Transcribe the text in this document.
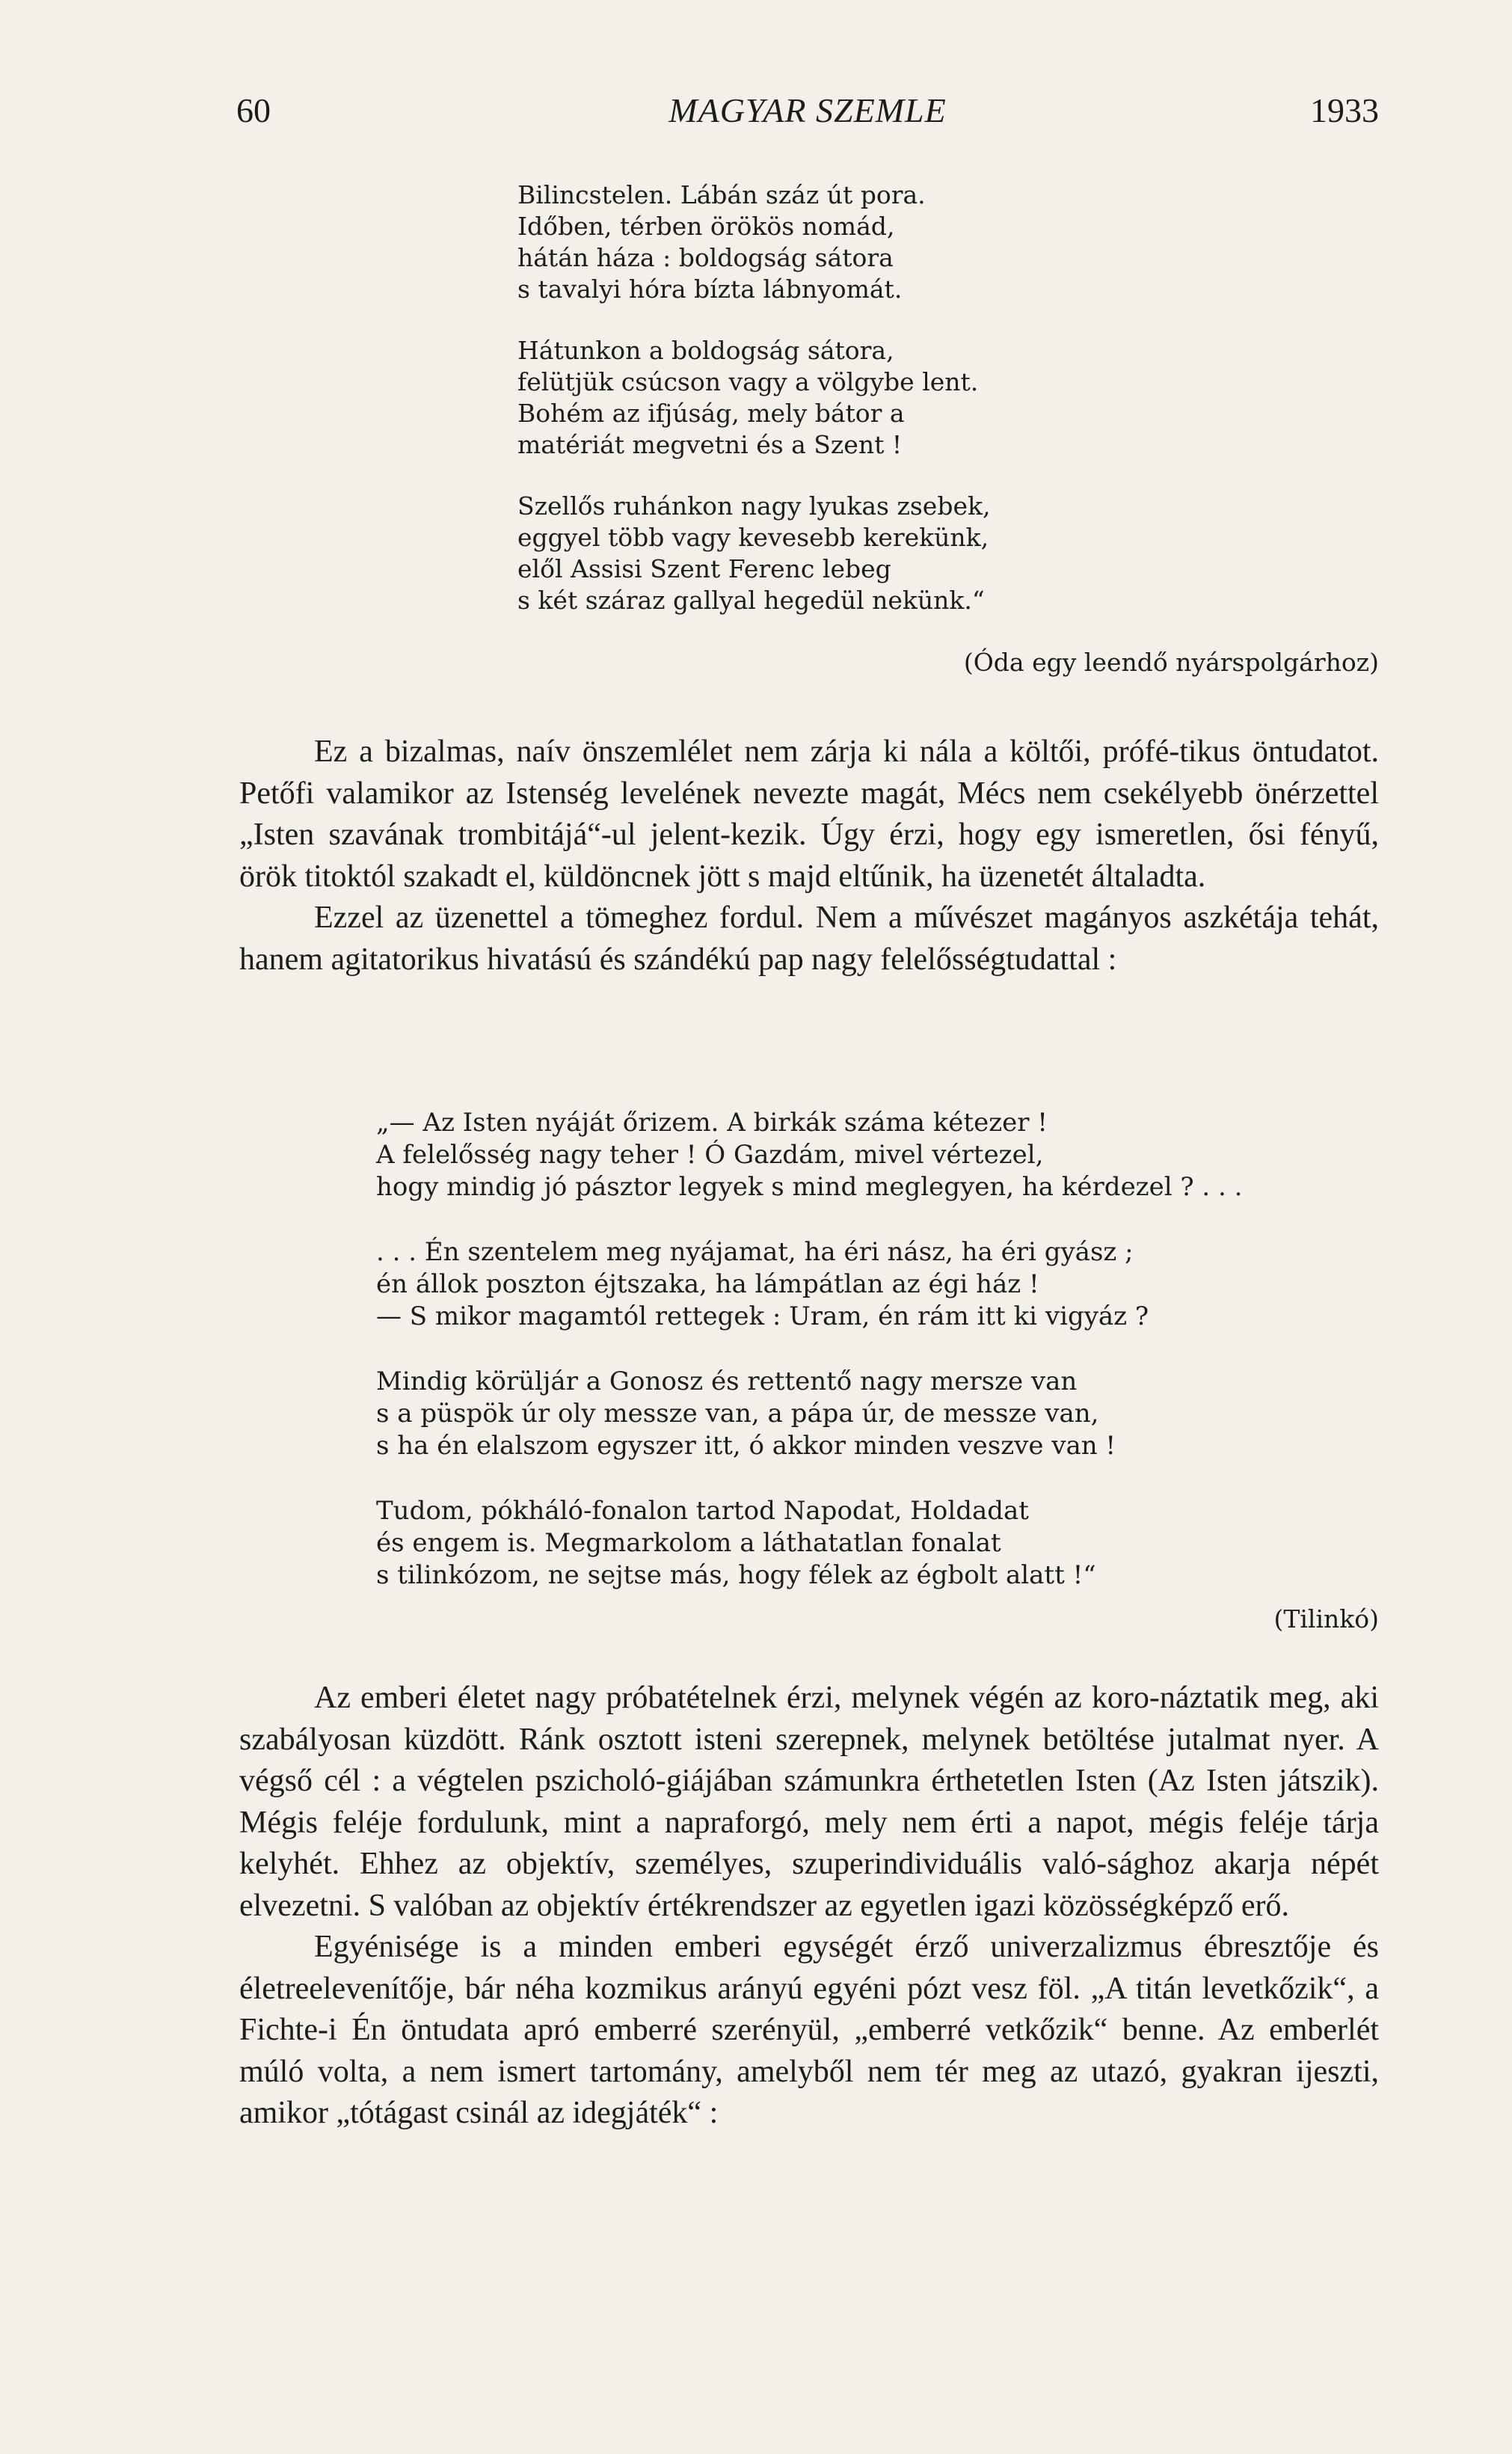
60	MAGYAR SZEMLE	1933
Bilincstelen. Lábán száz út pora.
Időben, térben örökös nomád,
hátán háza : boldogság sátora
s tavalyi hóra bízta lábnyomát.
Hátunkon a boldogság sátora,
felütjük csúcson vagy a völgybe lent.
Bohém az ifjúság, mely bátor a
matériát megvetni és a Szent !
Szellős ruhánkon nagy lyukas zsebek,
eggyel több vagy kevesebb kerekünk,
elől Assisi Szent Ferenc lebeg
s két száraz gallyal hegedül nekünk.“
(Óda egy leendő nyárspolgárhoz)

Ez a bizalmas, naív önszemlélet nem zárja ki nála a költői, prófé-tikus öntudatot. Petőfi valamikor az Istenség levelének nevezte magát, Mécs nem csekélyebb önérzettel „Isten szavának trombitájá“-ul jelent-kezik. Úgy érzi, hogy egy ismeretlen, ősi fényű, örök titoktól szakadt el, küldöncnek jött s majd eltűnik, ha üzenetét általadta.

Ezzel az üzenettel a tömeghez fordul. Nem a művészet magányos aszkétája tehát, hanem agitatorikus hivatású és szándékú pap nagy felelősségtudattal :

„— Az Isten nyáját őrizem. A birkák száma kétezer !
A felelősség nagy teher ! Ó Gazdám, mivel vértezel,
hogy mindig jó pásztor legyek s mind meglegyen, ha kérdezel ? . . .
. . . Én szentelem meg nyájamat, ha éri nász, ha éri gyász ;
én állok poszton éjtszaka, ha lámpátlan az égi ház !
— S mikor magamtól rettegek : Uram, én rám itt ki vigyáz ?
Mindig körüljár a Gonosz és rettentő nagy mersze van
s a püspök úr oly messze van, a pápa úr, de messze van,
s ha én elalszom egyszer itt, ó akkor minden veszve van !
Tudom, pókháló-fonalon tartod Napodat, Holdadat
és engem is. Megmarkolom a láthatatlan fonalat
s tilinkózom, ne sejtse más, hogy félek az égbolt alatt !“
(Tilinkó)

Az emberi életet nagy próbatételnek érzi, melynek végén az koro-náztatik meg, aki szabályosan küzdött. Ránk osztott isteni szerepnek, melynek betöltése jutalmat nyer. A végső cél : a végtelen pszicholó-giájában számunkra érthetetlen Isten (Az Isten játszik). Mégis feléje fordulunk, mint a napraforgó, mely nem érti a napot, mégis feléje tárja kelyhét. Ehhez az objektív, személyes, szuperindividuális való-sághoz akarja népét elvezetni. S valóban az objektív értékrendszer az egyetlen igazi közösségképző erő.

Egyénisége is a minden emberi egységét érző univerzalizmus ébresztője és életreelevenítője, bár néha kozmikus arányú egyéni pózt vesz föl. „A titán levetkőzik“, a Fichte-i Én öntudata apró emberré szerényül, „emberré vetkőzik“ benne. Az emberlét múló volta, a nem ismert tartomány, amelyből nem tér meg az utazó, gyakran ijeszti, amikor „tótágast csinál az idegjáték“ :
